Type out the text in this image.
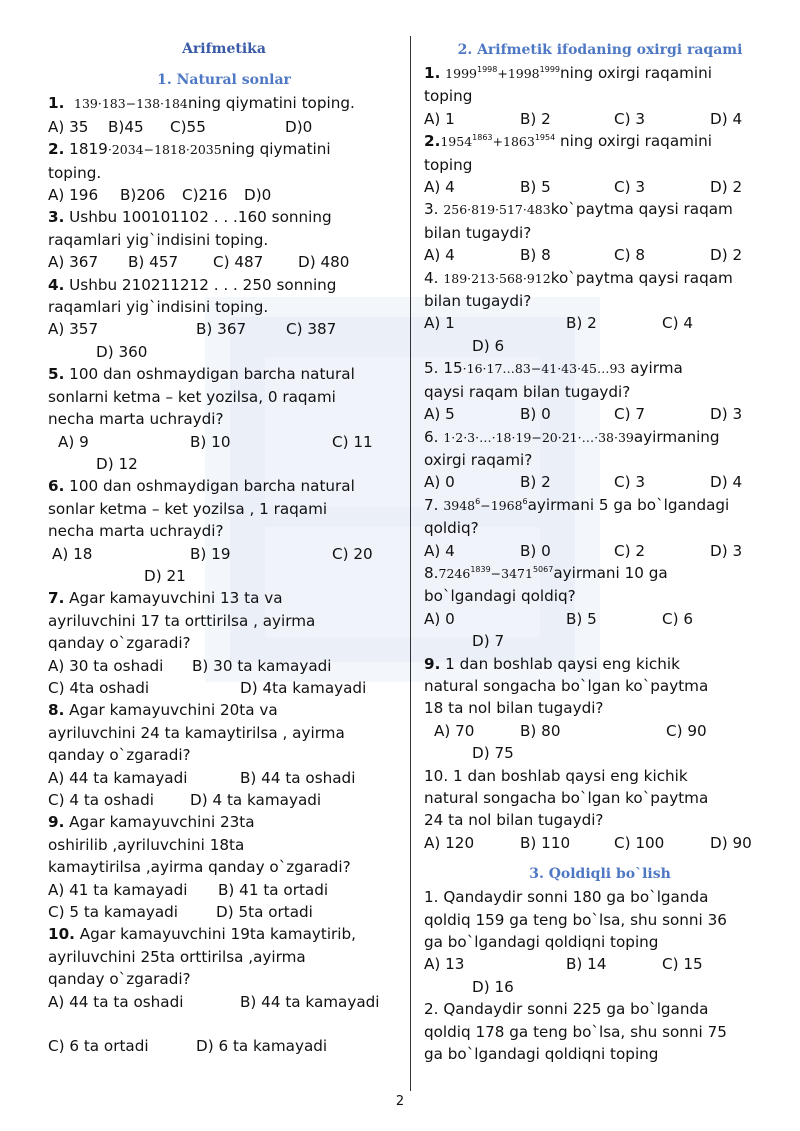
Arifmetika
1. Natural sonlar

1. 139·183−138·184ning qiymatini toping.

A) 35	B)45	C)55	D)0

2. 1819·2034−1818·2035ning qiymatini

toping.

A) 196	B)206	C)216	D)0

3. Ushbu 100101102 . . .160 sonning

raqamlari yig`indisini toping.

A) 367	B) 457	C) 487	D) 480

4. Ushbu 210211212 . . . 250 sonning

raqamlari yig`indisini toping.

A) 357	B) 367	C) 387

D) 360

5. 100 dan oshmaydigan barcha natural

sonlarni ketma – ket yozilsa, 0 raqami

necha marta uchraydi?

A) 9	B) 10	C) 11

D) 12

6. 100 dan oshmaydigan barcha natural

sonlar ketma – ket yozilsa , 1 raqami

necha marta uchraydi?

A) 18	B) 19	C) 20

D) 21

7. Agar kamayuvchini 13 ta va

ayriluvchini 17 ta orttirilsa , ayirma

qanday o`zgaradi?

A) 30 ta oshadi	B) 30 ta kamayadi
C) 4ta oshadi	D) 4ta kamayadi

8. Agar kamayuvchini 20ta va

ayriluvchini 24 ta kamaytirilsa , ayirma

qanday o`zgaradi?

A) 44 ta kamayadi	B) 44 ta oshadi
C) 4 ta oshadi	D) 4 ta kamayadi

9. Agar kamayuvchini 23ta

oshirilib ,ayriluvchini 18ta

kamaytirilsa ,ayirma qanday o`zgaradi?

A) 41 ta kamayadi	B) 41 ta ortadi
C) 5 ta kamayadi	D) 5ta ortadi

10. Agar kamayuvchini 19ta kamaytirib,

ayriluvchini 25ta orttirilsa ,ayirma

qanday o`zgaradi?

A) 44 ta ta oshadi	B) 44 ta kamayadi
C) 6 ta ortadi	D) 6 ta kamayadi
2. Arifmetik ifodaning oxirgi raqami

1. $1999^{1998}+1998^{1999}ning$ oxirgi raqamini

toping

A) 1	B) 2	C) 3	D) 4

$2.1954^{1863}+1863^{1954}$ ning oxirgi raqamini

toping

A) 4	B) 5	C) 3	D) 2

3. 256·819·517·483ko`paytma qaysi raqam

bilan tugaydi?

A) 4	B) 8	C) 8	D) 2

4. 189·213·568·912ko`paytma qaysi raqam

bilan tugaydi?

A) 1	B) 2	C) 4

D) 6

5. 15·16·17…83−41·43·45…93 ayirma

qaysi raqam bilan tugaydi?

A) 5	B) 0	C) 7	D) 3

6. 1·2·3·…·18·19−20·21·…·38·39ayirmaning

oxirgi raqami?

A) 0	B) 2	C) 3	D) 4

7. $3948^6-1968^6ayirmani$ 5 ga bo`lgandagi

qoldiq?

A) 4	B) 0	C) 2	D) 3

$8.7246^{1839}-3471^{5067}ayirmani$ 10 ga

bo`lgandagi qoldiq?

A) 0	B) 5	C) 6

D) 7

9. 1 dan boshlab qaysi eng kichik

natural songacha bo`lgan ko`paytma

18 ta nol bilan tugaydi?

A) 70	B) 80	C) 90

D) 75

10. 1 dan boshlab qaysi eng kichik

natural songacha bo`lgan ko`paytma

24 ta nol bilan tugaydi?

A) 120	B) 110	C) 100	D) 90
3. Qoldiqli bo`lish

1. Qandaydir sonni 180 ga bo`lganda

qoldiq 159 ga teng bo`lsa, shu sonni 36

ga bo`lgandagi qoldiqni toping

A) 13	B) 14	C) 15

D) 16

2. Qandaydir sonni 225 ga bo`lganda

qoldiq 178 ga teng bo`lsa, shu sonni 75

ga bo`lgandagi qoldiqni toping

2
